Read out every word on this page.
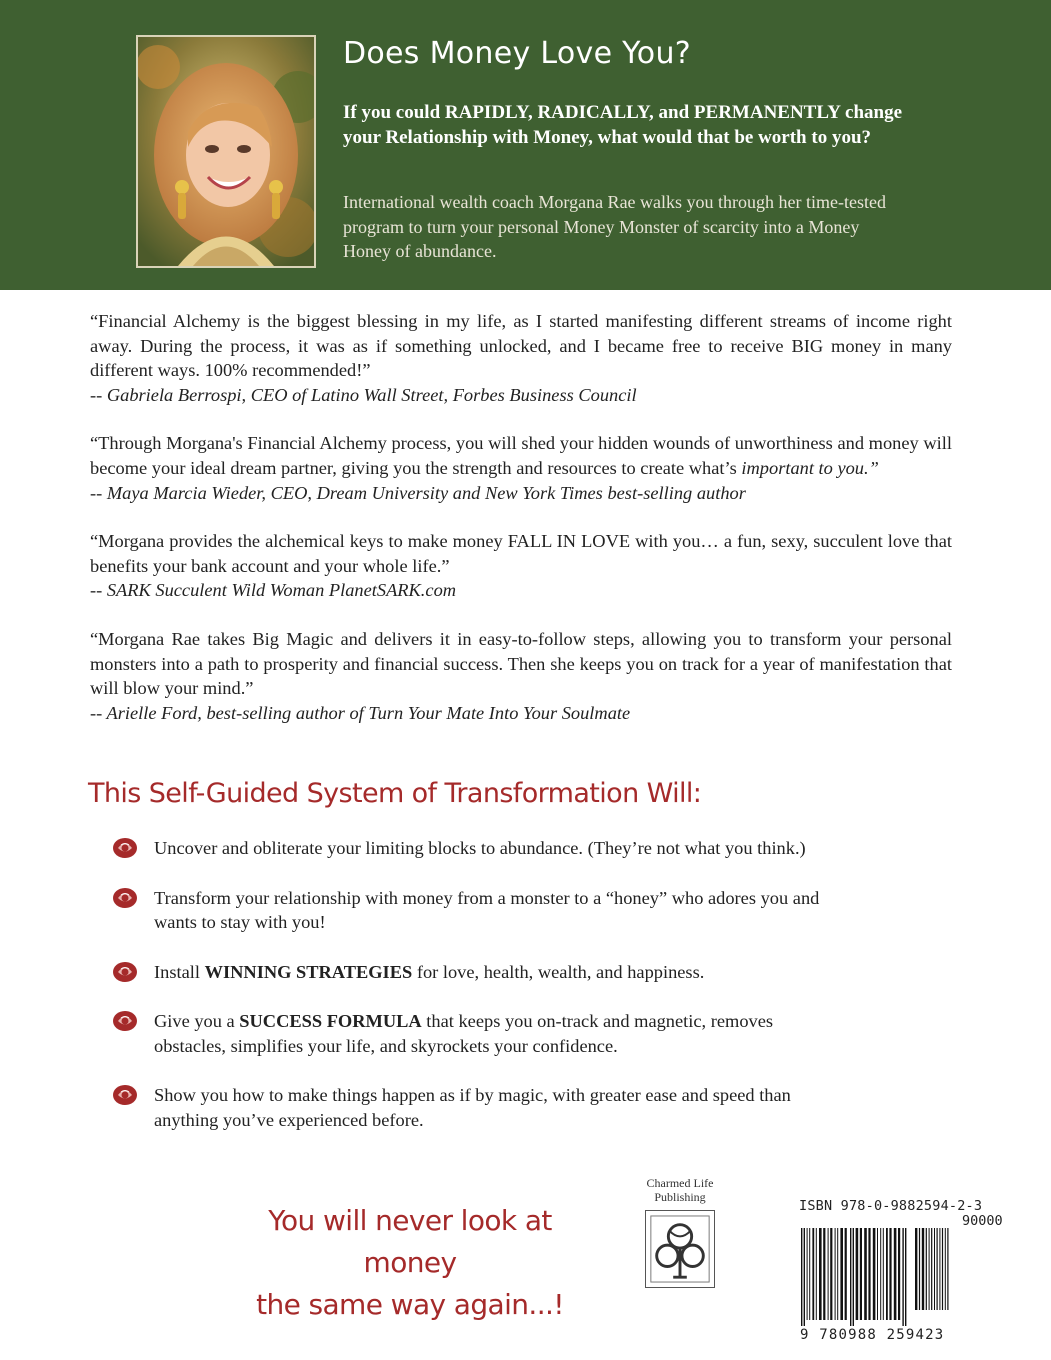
Does Money Love You?

If you could RAPIDLY, RADICALLY, and PERMANENTLY change your Relationship with Money, what would that be worth to you?

International wealth coach Morgana Rae walks you through her time-tested program to turn your personal Money Monster of scarcity into a Money Honey of abundance.

“Financial Alchemy is the biggest blessing in my life, as I started manifesting different streams of income right away. During the process, it was as if something unlocked, and I became free to receive BIG money in many different ways. 100% recommended!”

-- Gabriela Berrospi, CEO of Latino Wall Street, Forbes Business Council

“Through Morgana's Financial Alchemy process, you will shed your hidden wounds of unworthiness and money will become your ideal dream partner, giving you the strength and resources to create what’s important to you.”

-- Maya Marcia Wieder, CEO, Dream University and New York Times best-selling author

“Morgana provides the alchemical keys to make money FALL IN LOVE with you… a fun, sexy, succulent love that benefits your bank account and your whole life.”

-- SARK Succulent Wild Woman PlanetSARK.com

“Morgana Rae takes Big Magic and delivers it in easy-to-follow steps, allowing you to transform your personal monsters into a path to prosperity and financial success. Then she keeps you on track for a year of manifestation that will blow your mind.”

-- Arielle Ford, best-selling author of Turn Your Mate Into Your Soulmate

This Self-Guided System of Transformation Will:
Uncover and obliterate your limiting blocks to abundance. (They’re not what you think.)
Transform your relationship with money from a monster to a “honey” who adores you and wants to stay with you!
Install WINNING STRATEGIES for love, health, wealth, and happiness.
Give you a SUCCESS FORMULA that keeps you on-track and magnetic, removes obstacles, simplifies your life, and skyrockets your confidence.
Show you how to make things happen as if by magic, with greater ease and speed than anything you’ve experienced before.

You will never look at money
the same way again...!

Charmed Life
Publishing

ISBN 978-0-9882594-2-3

90000

9 780988 259423
